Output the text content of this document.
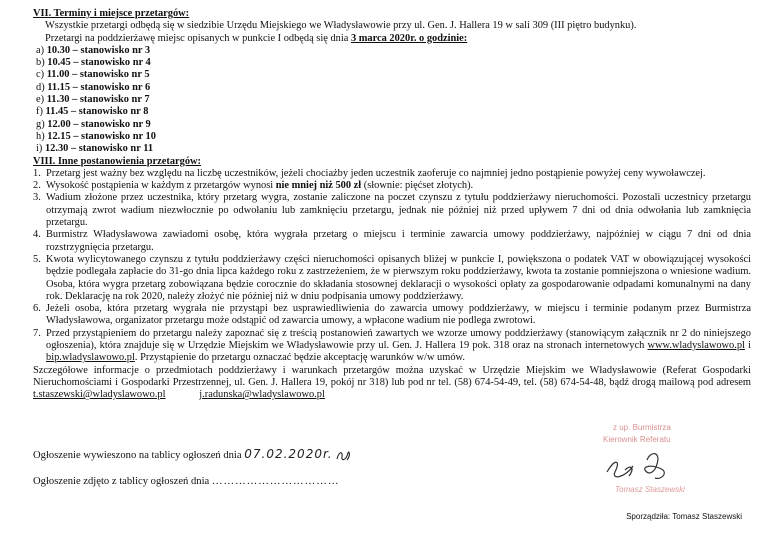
VII. Terminy i miejsce przetargów:
Wszystkie przetargi odbędą się w siedzibie Urzędu Miejskiego we Władysławowie przy ul. Gen. J. Hallera 19 w sali 309 (III piętro budynku).
Przetargi na poddzierżawę miejsc opisanych w punkcie I odbędą się dnia 3 marca 2020r. o godzinie:
a) 10.30 – stanowisko nr 3
b) 10.45 – stanowisko nr 4
c) 11.00 – stanowisko nr 5
d) 11.15 – stanowisko nr 6
e) 11.30 – stanowisko nr 7
f) 11.45 – stanowisko nr 8
g) 12.00 – stanowisko nr 9
h) 12.15 – stanowisko nr 10
i) 12.30 – stanowisko nr 11
VIII. Inne postanowienia przetargów:
1. Przetarg jest ważny bez względu na liczbę uczestników, jeżeli chociażby jeden uczestnik zaoferuje co najmniej jedno postąpienie powyżej ceny wywoławczej.
2. Wysokość postąpienia w każdym z przetargów wynosi nie mniej niż 500 zł (słownie: pięćset złotych).
3. Wadium złożone przez uczestnika, który przetarg wygra, zostanie zaliczone na poczet czynszu z tytułu poddzierżawy nieruchomości. Pozostali uczestnicy przetargu otrzymają zwrot wadium niezwłocznie po odwołaniu lub zamknięciu przetargu, jednak nie później niż przed upływem 7 dni od dnia odwołania lub zamknięcia przetargu.
4. Burmistrz Władysławowa zawiadomi osobę, która wygrała przetarg o miejscu i terminie zawarcia umowy poddzierżawy, najpóźniej w ciągu 7 dni od dnia rozstrzygnięcia przetargu.
5. Kwota wylicytowanego czynszu z tytułu poddzierżawy części nieruchomości opisanych bliżej w punkcie I, powiększona o podatek VAT w obowiązującej wysokości będzie podlegała zapłacie do 31-go dnia lipca każdego roku z zastrzeżeniem, że w pierwszym roku poddzierżawy, kwota ta zostanie pomniejszona o wniesione wadium. Osoba, która wygra przetarg zobowiązana będzie corocznie do składania stosownej deklaracji o wysokości opłaty za gospodarowanie odpadami komunalnymi na dany rok. Deklarację na rok 2020, należy złożyć nie później niż w dniu podpisania umowy poddzierżawy.
6. Jeżeli osoba, która przetarg wygrała nie przystąpi bez usprawiedliwienia do zawarcia umowy poddzierżawy, w miejscu i terminie podanym przez Burmistrza Władysławowa, organizator przetargu może odstąpić od zawarcia umowy, a wpłacone wadium nie podlega zwrotowi.
7. Przed przystąpieniem do przetargu należy zapoznać się z treścią postanowień zawartych we wzorze umowy poddzierżawy (stanowiącym załącznik nr 2 do niniejszego ogłoszenia), która znajduje się w Urzędzie Miejskim we Władysławowie przy ul. Gen. J. Hallera 19 pok. 318 oraz na stronach internetowych www.wladyslawowo.pl i bip.wladyslawowo.pl. Przystąpienie do przetargu oznaczać będzie akceptację warunków w/w umów.
Szczegółowe informacje o przedmiotach poddzierżawy i warunkach przetargów można uzyskać w Urzędzie Miejskim we Władysławowie (Referat Gospodarki Nieruchomościami i Gospodarki Przestrzennej, ul. Gen. J. Hallera 19, pokój nr 318) lub pod nr tel. (58) 674-54-49, tel. (58) 674-54-48, bądź drogą mailową pod adresem t.staszewski@wladyslawowo.pl	j.radunska@wladyslawowo.pl
Ogłoszenie wywieszono na tablicy ogłoszeń dnia 07.02.2020r.
Ogłoszenie zdjęto z tablicy ogłoszeń dnia ……………………………
z up. Burmistrza
Kierownik Referatu
Tomasz Staszewski
Sporządziła: Tomasz Staszewski
